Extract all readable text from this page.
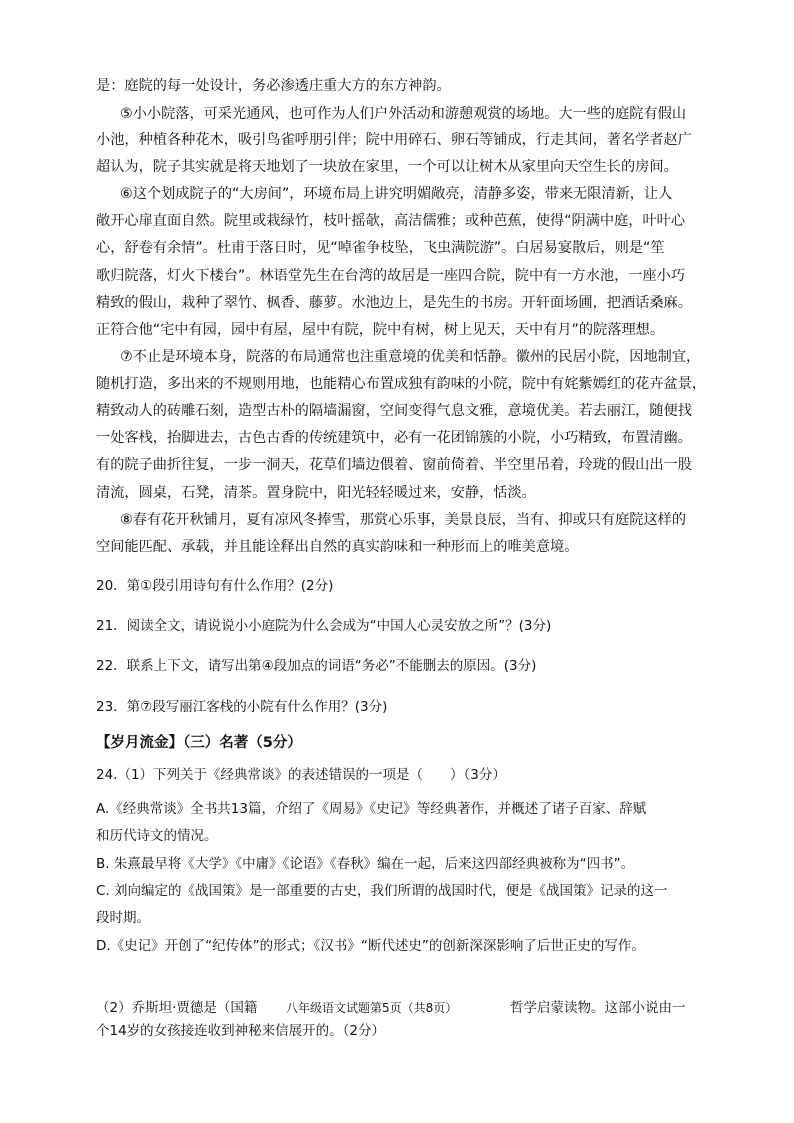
是：庭院的每一处设计，务必渗透庄重大方的东方神韵。
⑤小小院落，可采光通风，也可作为人们户外活动和游憩观赏的场地。大一些的庭院有假山
小池，种植各种花木，吸引鸟雀呼朋引伴；院中用碎石、卵石等铺成，行走其间，著名学者赵广
超认为，院子其实就是将天地划了一块放在家里，一个可以让树木从家里向天空生长的房间。
⑥这个划成院子的“大房间”，环境布局上讲究明媚敞亮，清静多姿，带来无限清新，让人
敞开心扉直面自然。院里或栽绿竹，枝叶摇欹，高洁儒雅；或种芭蕉，使得“阴满中庭，叶叶心
心，舒卷有余情”。杜甫于落日时，见“啅雀争枝坠，飞虫满院游”。白居易宴散后，则是“笙
歌归院落，灯火下楼台”。林语堂先生在台湾的故居是一座四合院，院中有一方水池，一座小巧
精致的假山，栽种了翠竹、枫香、藤萝。水池边上，是先生的书房。开轩面场圃，把酒话桑麻。
正符合他“宅中有园，园中有屋，屋中有院，院中有树，树上见天，天中有月”的院落理想。
⑦不止是环境本身，院落的布局通常也注重意境的优美和恬静。徽州的民居小院，因地制宜，
随机打造，多出来的不规则用地，也能精心布置成独有韵味的小院，院中有姹紫嫣红的花卉盆景，
精致动人的砖雕石刻，造型古朴的隔墙漏窗，空间变得气息文雅，意境优美。若去丽江，随便找
一处客栈，抬脚进去，古色古香的传统建筑中，必有一花团锦簇的小院，小巧精致，布置清幽。
有的院子曲折往复，一步一洞天，花草们墙边偎着、窗前倚着、半空里吊着，玲珑的假山出一股
清流，圆桌，石凳，清茶。置身院中，阳光轻轻暖过来，安静，恬淡。
⑧春有花开秋铺月，夏有凉风冬捧雪，那赏心乐事，美景良辰，当有、抑或只有庭院这样的
空间能匹配、承载，并且能诠释出自然的真实韵味和一种形而上的唯美意境。
20．第①段引用诗句有什么作用？(2分)
21．阅读全文，请说说小小庭院为什么会成为“中国人心灵安放之所”？(3分)
22．联系上下文，请写出第④段加点的词语“务必”不能删去的原因。(3分)
23．第⑦段写丽江客栈的小院有什么作用？(3分)
【岁月流金】（三）名著（5分）
24.（1）下列关于《经典常谈》的表述错误的一项是（　　）（3分）
A.《经典常谈》全书共13篇，介绍了《周易》《史记》等经典著作，并概述了诸子百家、辞赋
和历代诗文的情况。
B. 朱熹最早将《大学》《中庸》《论语》《春秋》编在一起，后来这四部经典被称为“四书”。
C. 刘向编定的《战国策》是一部重要的古史，我们所谓的战国时代，便是《战国策》记录的这一
段时期。
D.《史记》开创了“纪传体”的形式；《汉书》“断代述史”的创新深深影响了后世正史的写作。
（2）乔斯坦·贾德是（国籍 八年级语文试题第5页（共8页）	哲学启蒙读物。这部小说由一
个14岁的女孩接连收到神秘来信展开的。（2分）
